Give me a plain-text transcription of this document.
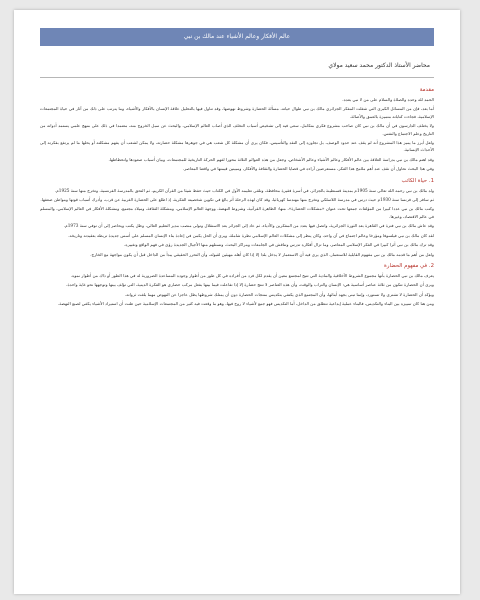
عالم الأفكار وعالم الأشياء عند مالك بن نبي
محاضر الأستاذ الدكتور محمد سعيد مولاي
مقدمة

الحمد لله وحده والصلاة والسلام على من لا نبي بعده.

أما بعد، فإن من المسائل الكبرى التي شغلت المفكر الجزائري مالك بن نبي طوال حياته، مسألة الحضارة وشروط نهوضها، وقد تناول فيها بالتحليل علاقة الإنسان بالأفكار والأشياء، وما يترتب على ذلك من آثار في حياة المجتمعات الإسلامية، فجاءت كتاباته متميزة بالعمق والأصالة.

ولا يختلف الدارسون في أن مالك بن نبي كان صاحب مشروع فكري متكامل، سعى فيه إلى تشخيص أسباب التخلف الذي أصاب العالم الإسلامي، والبحث عن سبل الخروج منه، معتمدا في ذلك على منهج علمي يستمد أدواته من التاريخ وعلم الاجتماع والنفس.

ولعل أبرز ما يميز هذا المشروع أنه لم يقف عند حدود الوصف، بل تجاوزه إلى النقد والتأسيس، فكان يرى أن مشكلة كل شعب هي في جوهرها مشكلة حضارته، ولا يمكن لشعب أن يفهم مشكلته أو يحلها ما لم يرتفع بفكرته إلى الأحداث الإنسانية.

وقد اهتم مالك بن نبي بدراسة العلاقة بين عالم الأفكار وعالم الأشياء وعالم الأشخاص، وجعل من هذه العوالم الثلاثة محورا لفهم الحركة التاريخية للمجتمعات، وبيان أسباب صعودها وانحطاطها.

وفي هذا البحث نحاول أن نقف عند أهم ملامح هذا الفكر، مستعرضين آراءه في قضايا الحضارة والثقافة والأفكار، ومبينين قيمتها في واقعنا المعاصر.

1. حياة الكاتب

ولد مالك بن نبي رحمه الله تعالى سنة 1905م بمدينة قسنطينة بالجزائر، في أسرة فقيرة محافظة، وتلقى تعليمه الأول في الكتاب حيث حفظ شيئا من القرآن الكريم، ثم التحق بالمدرسة الفرنسية، وتخرج منها سنة 1925م.

ثم سافر إلى فرنسا سنة 1930م حيث درس في مدرسة اللاسلكي وتخرج منها مهندسا كهربائيا، وقد كان لهذه الرحلة أثر بالغ في تكوين شخصيته الفكرية، إذ اطلع على الحضارة الغربية عن قرب، وأدرك أسباب قوتها ومواطن ضعفها.

وكتب مالك بن نبي عددا كبيرا من المؤلفات جمعها تحت عنوان «مشكلات الحضارة»، منها: الظاهرة القرآنية، وشروط النهضة، ووجهة العالم الإسلامي، ومشكلة الثقافة، وميلاد مجتمع، ومشكلة الأفكار في العالم الإسلامي، والمسلم في عالم الاقتصاد، وغيرها.

وقد عاش مالك بن نبي فترة في القاهرة بعد الثورة الجزائرية، واتصل فيها بعدد من المفكرين والأدباء، ثم عاد إلى الجزائر بعد الاستقلال وتولى منصب مدير التعليم العالي، وظل يكتب ويحاضر إلى أن توفي سنة 1973م.

لقد كان مالك بن نبي فيلسوفا ومؤرخا وعالم اجتماع في آن واحد، وكان ينظر إلى مشكلات العالم الإسلامي نظرة شاملة، ويرى أن الحل يكمن في إعادة بناء الإنسان المسلم على أسس جديدة تربطه بعقيدته وتاريخه.

وقد ترك مالك بن نبي أثرا كبيرا في الفكر الإسلامي المعاصر، وما تزال أفكاره تدرس وتناقش في الجامعات ومراكز البحث، وتستلهم منها الأجيال الجديدة رؤى في فهم الواقع وتغييره.

ولعل من أهم ما قدمه مالك بن نبي مفهوم القابلية للاستعمار، الذي يرى فيه أن الاستعمار لا يدخل بلدا إلا إذا كان أهله مهيئين لقبوله، وأن التحرر الحقيقي يبدأ من الداخل قبل أن يكون مواجهة مع الخارج.

2. في مفهوم الحضارة

يعرف مالك بن نبي الحضارة بأنها مجموع الشروط الأخلاقية والمادية التي تتيح لمجتمع معين أن يقدم لكل فرد من أفراده في كل طور من أطوار وجوده المساعدة الضرورية له في هذا الطور أو ذاك من أطوار نموه.

ويرى أن الحضارة تتكون من ثلاثة عناصر أساسية هي: الإنسان والتراب والوقت، وأن هذه العناصر لا تنتج حضارة إلا إذا تفاعلت فيما بينها بفعل مركب حضاري هو الفكرة الدينية، التي تؤلف بينها وتوجهها نحو غاية واحدة.

ويؤكد أن الحضارة لا تشترى ولا تستورد، وإنما تبنى بجهد أبنائها، وأن المجتمع الذي يكتفي بتكديس منتجات الحضارة دون أن يمتلك شروطها يظل عاجزا عن النهوض مهما بلغت ثرواته.

ومن هنا كان تمييزه بين البناء والتكديس، فالبناء عملية إبداعية تنطلق من الداخل، أما التكديس فهو جمع لأشياء لا روح فيها، وهو ما وقعت فيه كثير من المجتمعات الإسلامية حين ظنت أن استيراد الأشياء يكفي لصنع النهضة.
